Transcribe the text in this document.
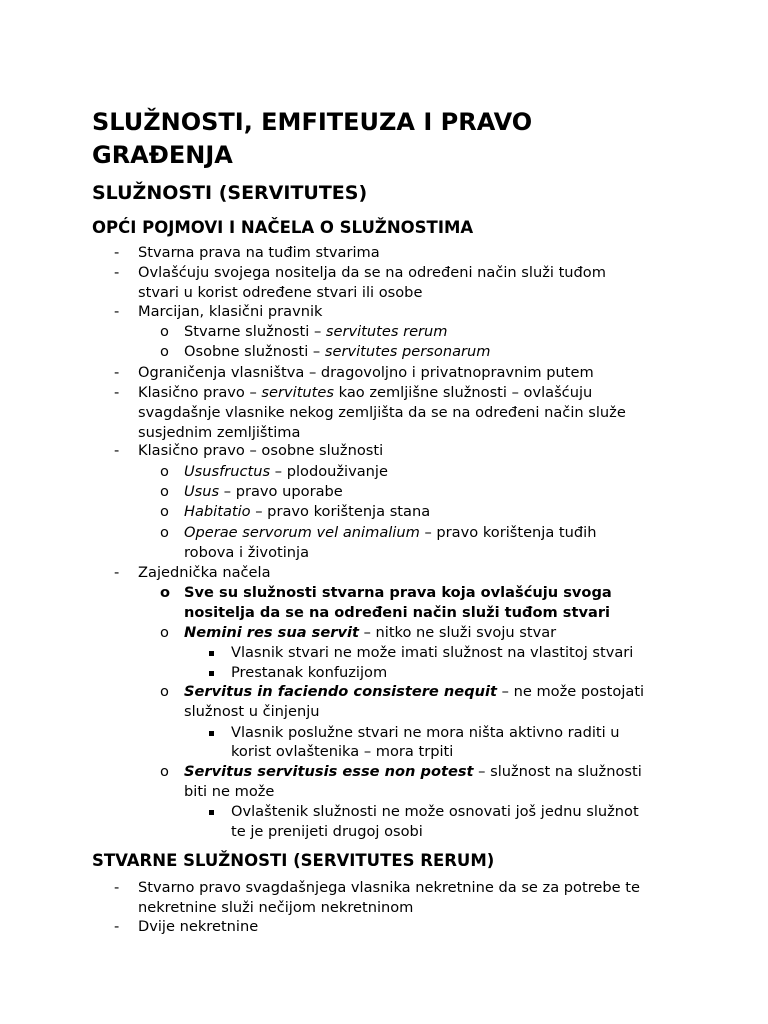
SLUŽNOSTI, EMFITEUZA I PRAVO GRAĐENJA
SLUŽNOSTI (SERVITUTES)
OPĆI POJMOVI I NAČELA O SLUŽNOSTIMA
- Stvarna prava na tuđim stvarima
- Ovlašćuju svojega nositelja da se na određeni način služi tuđom
stvari u korist određene stvari ili osobe
- Marcijan, klasični pravnik
o Stvarne služnosti – servitutes rerum
o Osobne služnosti – servitutes personarum
- Ograničenja vlasništva – dragovoljno i privatnopravnim putem
- Klasično pravo – servitutes kao zemljišne služnosti – ovlašćuju
svagdašnje vlasnike nekog zemljišta da se na određeni način služe
susjednim zemljištima
- Klasično pravo – osobne služnosti
o Ususfructus – plodouživanje
o Usus – pravo uporabe
o Habitatio – pravo korištenja stana
o Operae servorum vel animalium – pravo korištenja tuđih
robova i životinja
- Zajednička načela
o Sve su služnosti stvarna prava koja ovlašćuju svoga
nositelja da se na određeni način služi tuđom stvari
o Nemini res sua servit – nitko ne služi svoju stvar
Vlasnik stvari ne može imati služnost na vlastitoj stvari
Prestanak konfuzijom
o Servitus in faciendo consistere nequit – ne može postojati
služnost u činjenju
Vlasnik poslužne stvari ne mora ništa aktivno raditi u
korist ovlaštenika – mora trpiti
o Servitus servitusis esse non potest – služnost na služnosti
biti ne može
Ovlaštenik služnosti ne može osnovati još jednu služnot
te je prenijeti drugoj osobi
STVARNE SLUŽNOSTI (SERVITUTES RERUM)
- Stvarno pravo svagdašnjega vlasnika nekretnine da se za potrebe te
nekretnine služi nečijom nekretninom
- Dvije nekretnine
